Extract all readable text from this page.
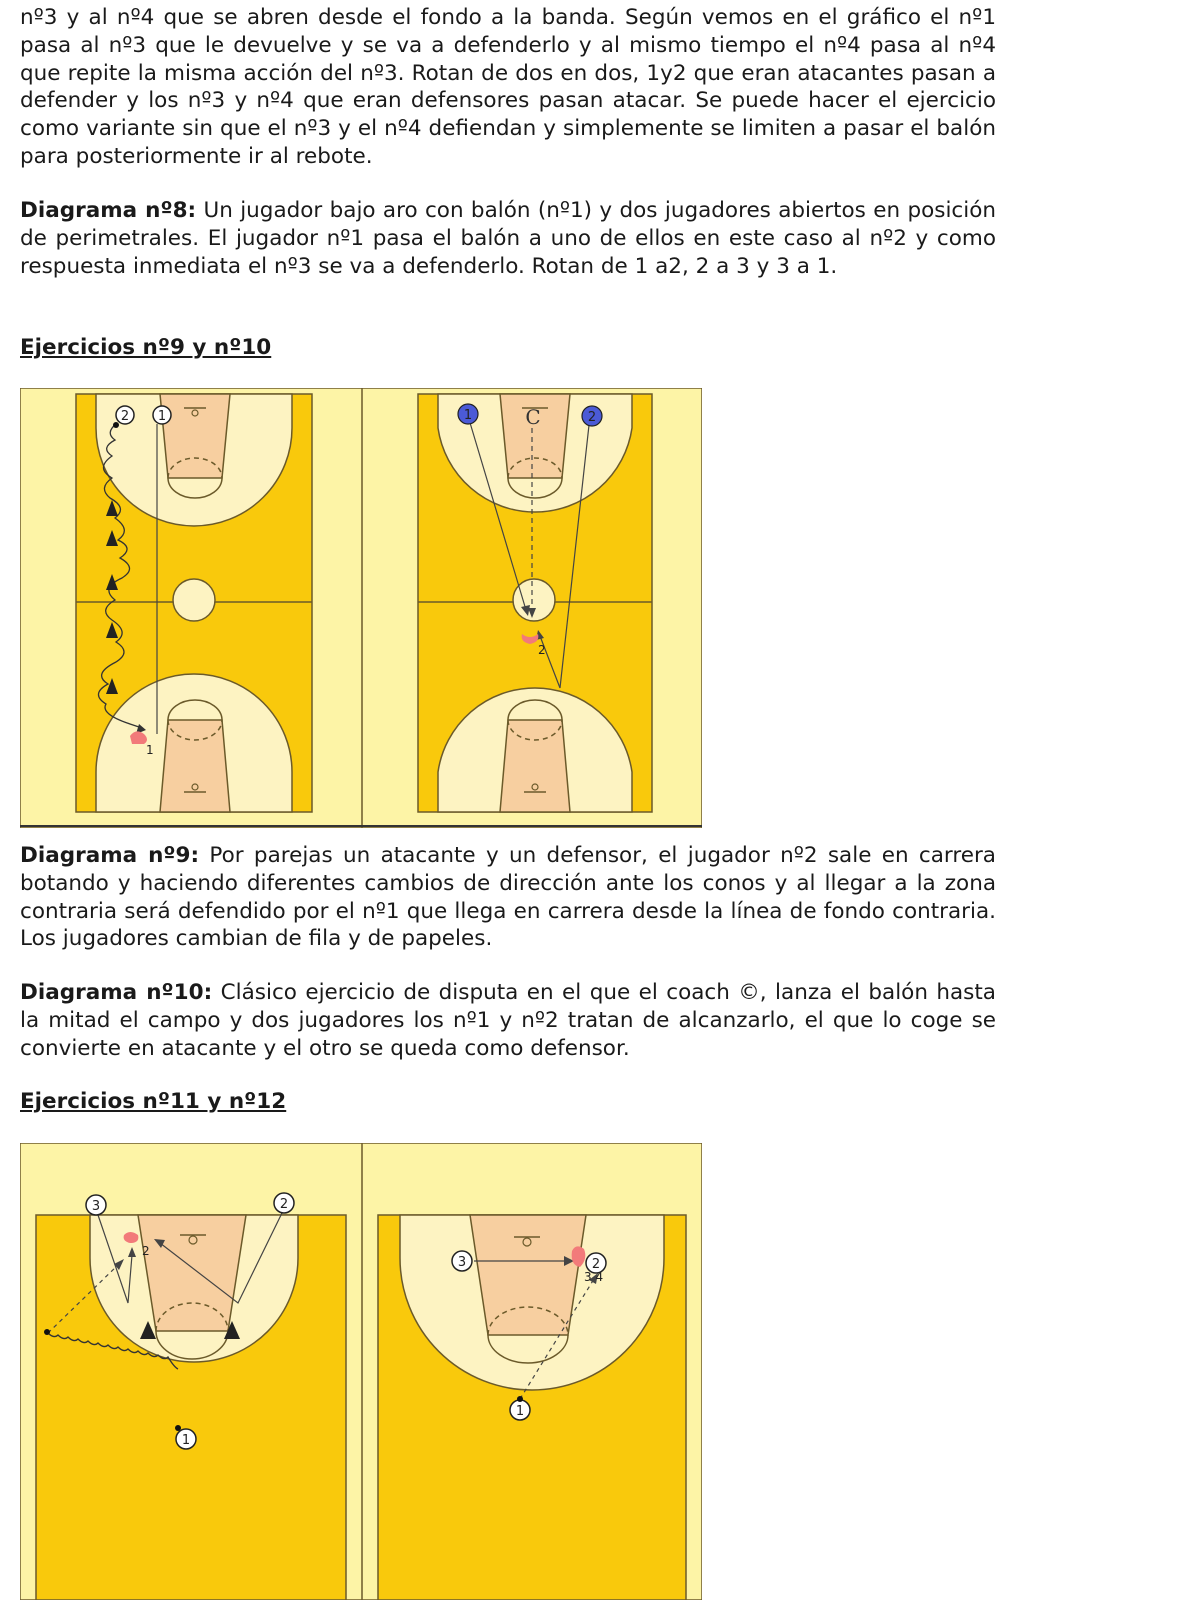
nº3 y al nº4 que se abren desde el fondo a la banda. Según vemos en el gráfico el nº1 pasa al nº3 que le devuelve y se va a defenderlo y al mismo tiempo el nº4 pasa al nº4 que repite la misma acción del nº3. Rotan de dos en dos, 1y2 que eran atacantes pasan a defender y los nº3 y nº4 que eran defensores pasan atacar. Se puede hacer el ejercicio como variante sin que el nº3 y el nº4 defiendan y simplemente se limiten a pasar el balón para posteriormente ir al rebote.

Diagrama nº8: Un jugador bajo aro con balón (nº1) y dos jugadores abiertos en posición de perimetrales. El jugador nº1 pasa el balón a uno de ellos en este caso al nº2 y como respuesta inmediata el nº3 se va a defenderlo. Rotan de 1 a2, 2 a 3 y 3 a 1.

Ejercicios nº9 y nº10

2 1
1
C
1	2
2

Diagrama nº9: Por parejas un atacante y un defensor, el jugador nº2 sale en carrera botando y haciendo diferentes cambios de dirección ante los conos y al llegar a la zona contraria será defendido por el nº1 que llega en carrera desde la línea de fondo contraria. Los jugadores cambian de fila y de papeles.

Diagrama nº10: Clásico ejercicio de disputa en el que el coach ©, lanza el balón hasta la mitad el campo y dos jugadores los nº1 y nº2 tratan de alcanzarlo, el que lo coge se convierte en atacante y el otro se queda como defensor.

Ejercicios nº11 y nº12

3	2
1
2
3	2
1
3 4
